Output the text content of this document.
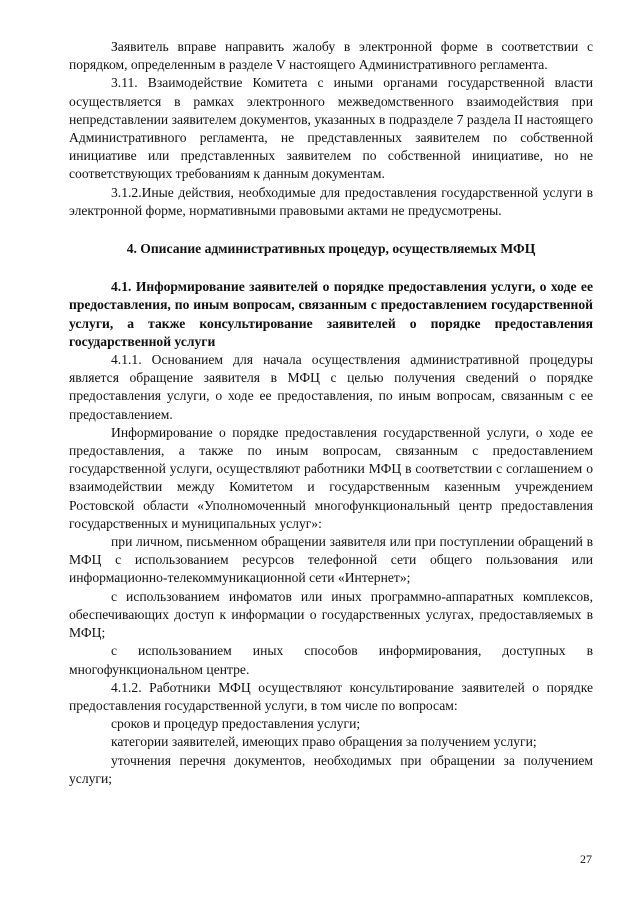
Заявитель вправе направить жалобу в электронной форме в соответствии с порядком, определенным в разделе V настоящего Административного регламента.

3.11. Взаимодействие Комитета с иными органами государственной власти осуществляется в рамках электронного межведомственного взаимодействия при непредставлении заявителем документов, указанных в подразделе 7 раздела II настоящего Административного регламента, не представленных заявителем по собственной инициативе или представленных заявителем по собственной инициативе, но не соответствующих требованиям к данным документам.

3.1.2.Иные действия, необходимые для предоставления государственной услуги в электронной форме, нормативными правовыми актами не предусмотрены.

4. Описание административных процедур, осуществляемых МФЦ

4.1. Информирование заявителей о порядке предоставления услуги, о ходе ее предоставления, по иным вопросам, связанным с предоставлением государственной услуги, а также консультирование заявителей о порядке предоставления государственной услуги

4.1.1. Основанием для начала осуществления административной процедуры является обращение заявителя в МФЦ с целью получения сведений о порядке предоставления услуги, о ходе ее предоставления, по иным вопросам, связанным с ее предоставлением.

Информирование о порядке предоставления государственной услуги, о ходе ее предоставления, а также по иным вопросам, связанным с предоставлением государственной услуги, осуществляют работники МФЦ в соответствии с соглашением о взаимодействии между Комитетом и государственным казенным учреждением Ростовской области «Уполномоченный многофункциональный центр предоставления государственных и муниципальных услуг»:

при личном, письменном обращении заявителя или при поступлении обращений в МФЦ с использованием ресурсов телефонной сети общего пользования или информационно-телекоммуникационной сети «Интернет»;

с использованием инфоматов или иных программно-аппаратных комплексов, обеспечивающих доступ к информации о государственных услугах, предоставляемых в МФЦ;

с использованием иных способов информирования, доступных в многофункциональном центре.

4.1.2. Работники МФЦ осуществляют консультирование заявителей о порядке предоставления государственной услуги, в том числе по вопросам:

сроков и процедур предоставления услуги;

категории заявителей, имеющих право обращения за получением услуги;

уточнения перечня документов, необходимых при обращении за получением услуги;

27
